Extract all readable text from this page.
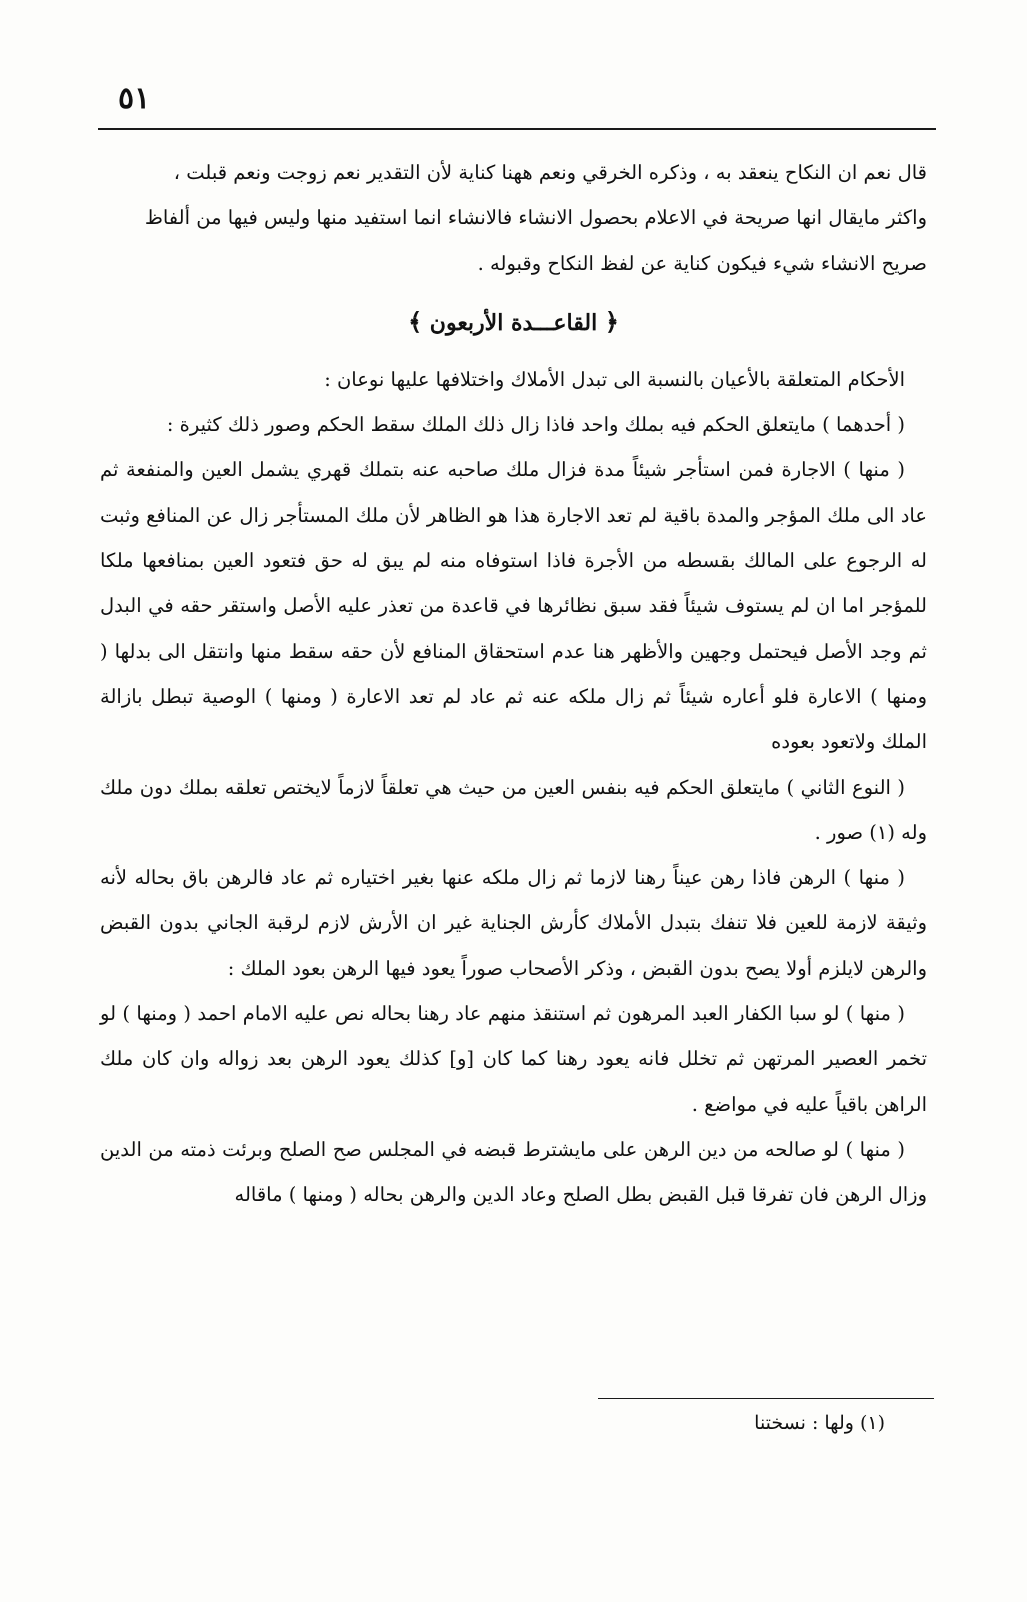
٥١

قال نعم ان النكاح ينعقد به ، وذكره الخرقي ونعم ههنا كناية لأن التقدير نعم زوجت ونعم قبلت ،

واكثر مايقال انها صريحة في الاعلام بحصول الانشاء فالانشاء انما استفيد منها وليس فيها من ألفاظ

صريح الانشاء شيء فيكون كناية عن لفظ النكاح وقبوله .

﴿ القاعـــدة الأربعون ﴾

الأحكام المتعلقة بالأعيان بالنسبة الى تبدل الأملاك واختلافها عليها نوعان :

( أحدهما ) مايتعلق الحكم فيه بملك واحد فاذا زال ذلك الملك سقط الحكم وصور ذلك كثيرة :

( منها ) الاجارة فمن استأجر شيئاً مدة فزال ملك صاحبه عنه بتملك قهري يشمل العين والمنفعة ثم عاد الى ملك المؤجر والمدة باقية لم تعد الاجارة هذا هو الظاهر لأن ملك المستأجر زال عن المنافع وثبت له الرجوع على المالك بقسطه من الأجرة فاذا استوفاه منه لم يبق له حق فتعود العين بمنافعها ملكا للمؤجر اما ان لم يستوف شيئاً فقد سبق نظائرها في قاعدة من تعذر عليه الأصل واستقر حقه في البدل ثم وجد الأصل فيحتمل وجهين والأظهر هنا عدم استحقاق المنافع لأن حقه سقط منها وانتقل الى بدلها ( ومنها ) الاعارة فلو أعاره شيئاً ثم زال ملكه عنه ثم عاد لم تعد الاعارة ( ومنها ) الوصية تبطل بازالة الملك ولاتعود بعوده

( النوع الثاني ) مايتعلق الحكم فيه بنفس العين من حيث هي تعلقاً لازماً لايختص تعلقه بملك دون ملك وله (١) صور .

( منها ) الرهن فاذا رهن عيناً رهنا لازما ثم زال ملكه عنها بغير اختياره ثم عاد فالرهن باق بحاله لأنه وثيقة لازمة للعين فلا تنفك بتبدل الأملاك كأرش الجناية غير ان الأرش لازم لرقبة الجاني بدون القبض والرهن لايلزم أولا يصح بدون القبض ، وذكر الأصحاب صوراً يعود فيها الرهن بعود الملك :

( منها ) لو سبا الكفار العبد المرهون ثم استنقذ منهم عاد رهنا بحاله نص عليه الامام احمد ( ومنها ) لو تخمر العصير المرتهن ثم تخلل فانه يعود رهنا كما كان [و] كذلك يعود الرهن بعد زواله وان كان ملك الراهن باقياً عليه في مواضع .

( منها ) لو صالحه من دين الرهن على مايشترط قبضه في المجلس صح الصلح وبرئت ذمته من الدين وزال الرهن فان تفرقا قبل القبض بطل الصلح وعاد الدين والرهن بحاله ( ومنها ) ماقاله

(١) ولها : نسختنا
